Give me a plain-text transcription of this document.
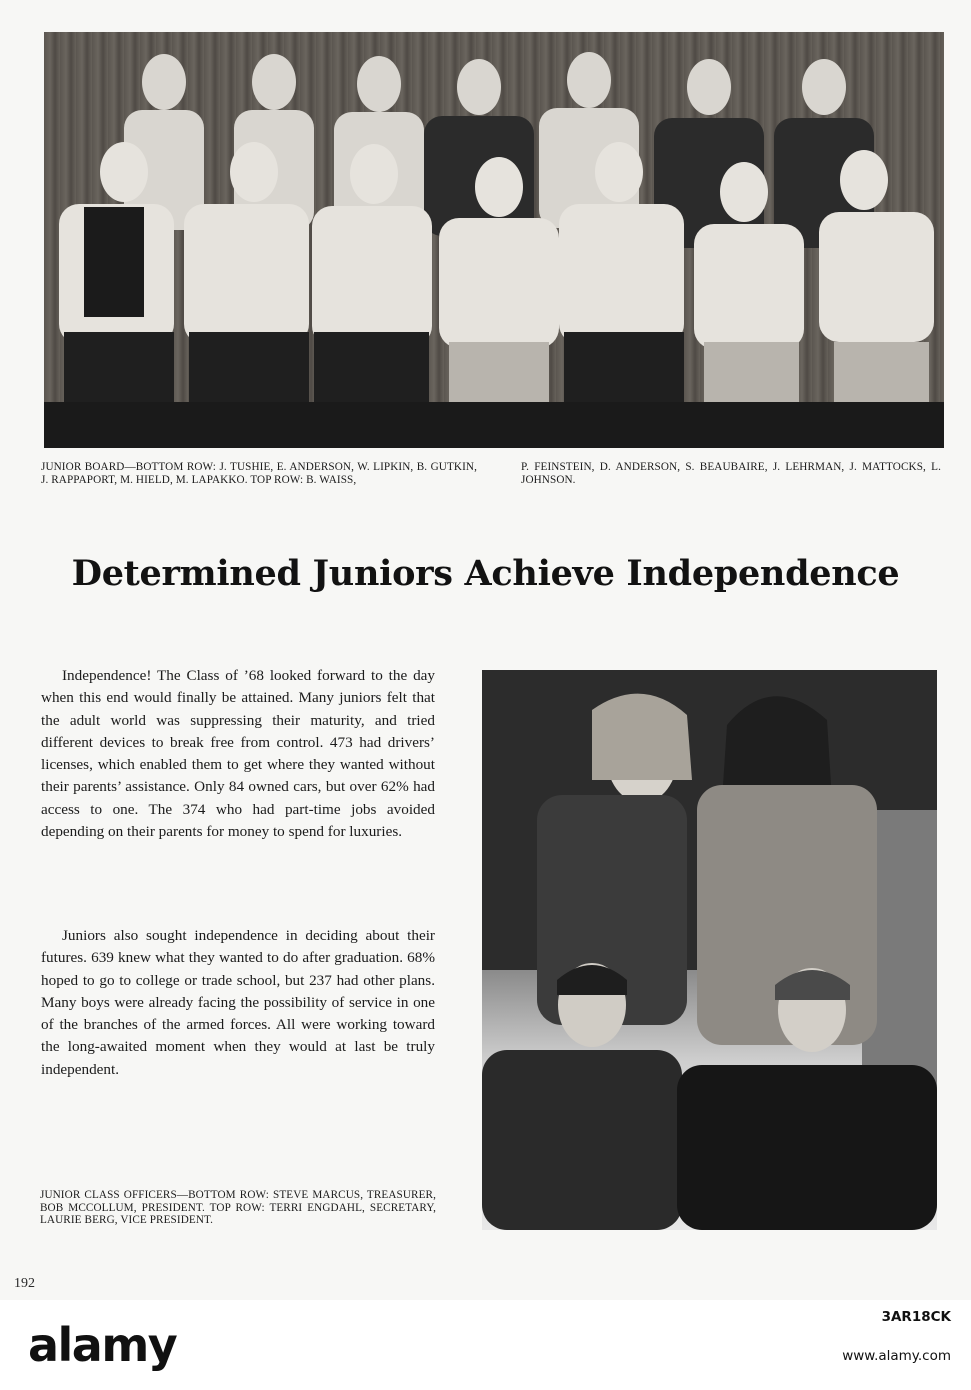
JUNIOR BOARD—BOTTOM ROW: J. TUSHIE, E. ANDERSON, W. LIPKIN, B. GUTKIN, J. RAPPAPORT, M. HIELD, M. LAPAKKO. TOP ROW: B. WAISS,
P. FEINSTEIN, D. ANDERSON, S. BEAUBAIRE, J. LEHRMAN, J. MATTOCKS, L. JOHNSON.
Determined Juniors Achieve Independence
Independence! The Class of ’68 looked forward to the day when this end would finally be attained. Many juniors felt that the adult world was suppressing their maturity, and tried different devices to break free from control. 473 had drivers’ licenses, which enabled them to get where they wanted without their parents’ assistance. Only 84 owned cars, but over 62% had access to one. The 374 who had part-time jobs avoided depending on their parents for money to spend for luxuries.
Juniors also sought independence in deciding about their futures. 639 knew what they wanted to do after graduation. 68% hoped to go to college or trade school, but 237 had other plans. Many boys were already facing the possibility of service in one of the branches of the armed forces. All were working toward the long-awaited moment when they would at last be truly independent.
JUNIOR CLASS OFFICERS—BOTTOM ROW: STEVE MARCUS, TREASURER, BOB MCCOLLUM, PRESIDENT. TOP ROW: TERRI ENGDAHL, SECRETARY, LAURIE BERG, VICE PRESIDENT.
192
alamy
3AR18CK
www.alamy.com
